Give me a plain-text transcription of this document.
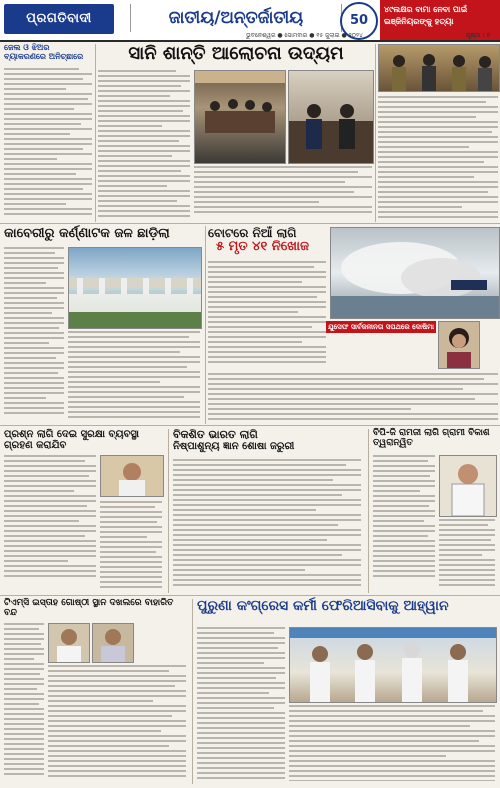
ପ୍ରଗତିବାଦୀ	ଜାତୀୟ/ଅନ୍ତର୍ଜାତୀୟ	50
୪୯ଲକ୍ଷର ବାମା ନେବା ପାଇଁ ଇଞ୍ଜିନିୟରଙ୍କୁ ହତ୍ୟା
ଭୁବନେଶ୍ୱର ● ସୋମବାର ● ୧୫ ଜୁଲାଇ ● ୨୦୨୪	ପୃଷ୍ଠା : ୧
ଜେଲ ଓ ଝିଅର ବ୍ୟାକରଣରେ ଅନିଚ୍ଛାରେ	ସାନି ଶାନ୍ତି ଆଲୋଚନା ଉଦ୍ୟମ
କାବେରୀରୁ କର୍ଣ୍ଣାଟକ ଜଳ ଛାଡ଼ିଲା	ବୋଟରେ ନିଆଁ ଲାଗି
୫ ମୃତ ୪୧ ନିଖୋଜ
ଯୁସେଫ ସାର୍ବଜନୀନତା ସପଥରେ ଦୋଷିମା
ପ୍ରଶ୍ନ ଲାଗି ଦେଇ ସୁରକ୍ଷା ବ୍ୟବସ୍ଥା ଗ୍ରହଣ କରାଯିବ
ବିକଶିତ ଭାରତ ଲାଗି
ନିଷ୍ପାଶୁନ୍ୟ ଜ୍ଞାନ ଶୋଷା ଜରୁରୀ
ବିପି-ଜି ରାମଜୀ ଲାଗି ଗ୍ରାମୀ ବିକାଶ ତ୍ୱରାନ୍ୱିତ
ଟିଏମ୍‌ସି ଇସ୍ତାହ ଗୋଷ୍ଠୀ ସ୍ଥାନ ଦଖଲରେ ବାହାରିତ ବନ୍ଦ	ପୁରୁଣା କଂଗ୍ରେସ କର୍ମୀ ଫେରିଆସିବାକୁ ଆହ୍ୱାନ
